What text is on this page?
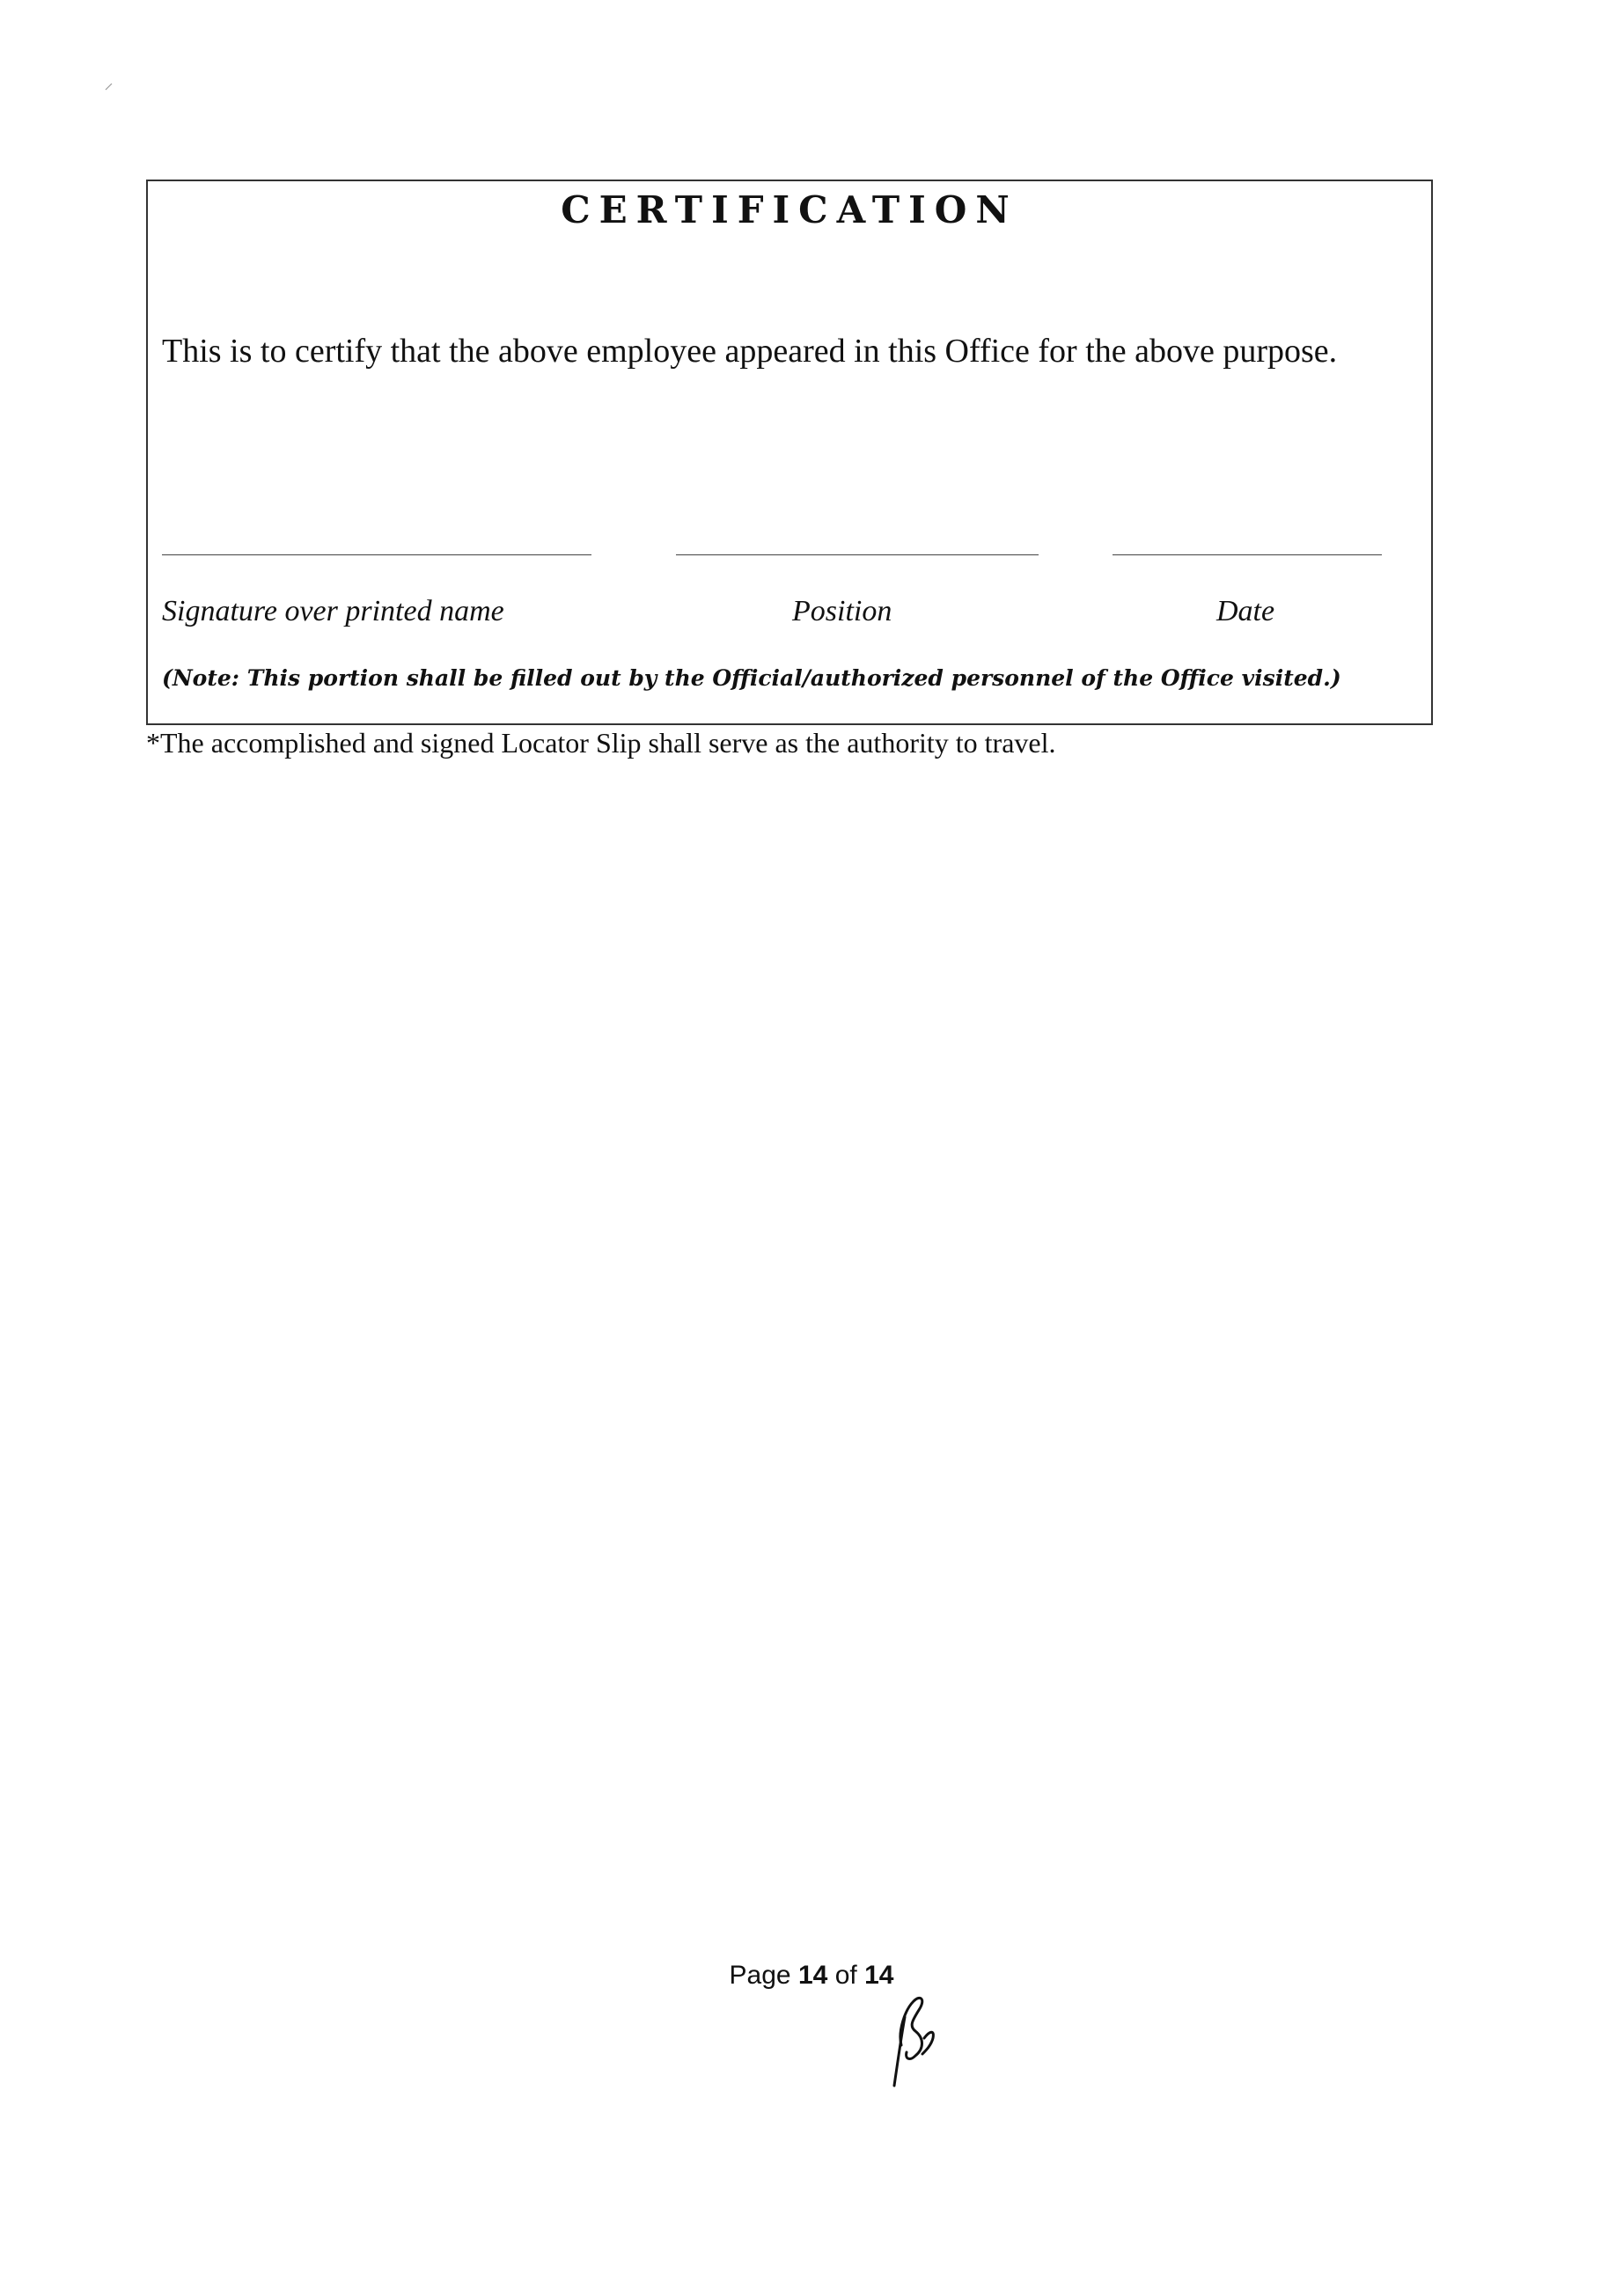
CERTIFICATION
This is to certify that the above employee appeared in this Office for the above purpose.
Signature over printed name	Position	Date
(Note: This portion shall be filled out by the Official/authorized personnel of the Office visited.)
*The accomplished and signed Locator Slip shall serve as the authority to travel.
Page 14 of 14
